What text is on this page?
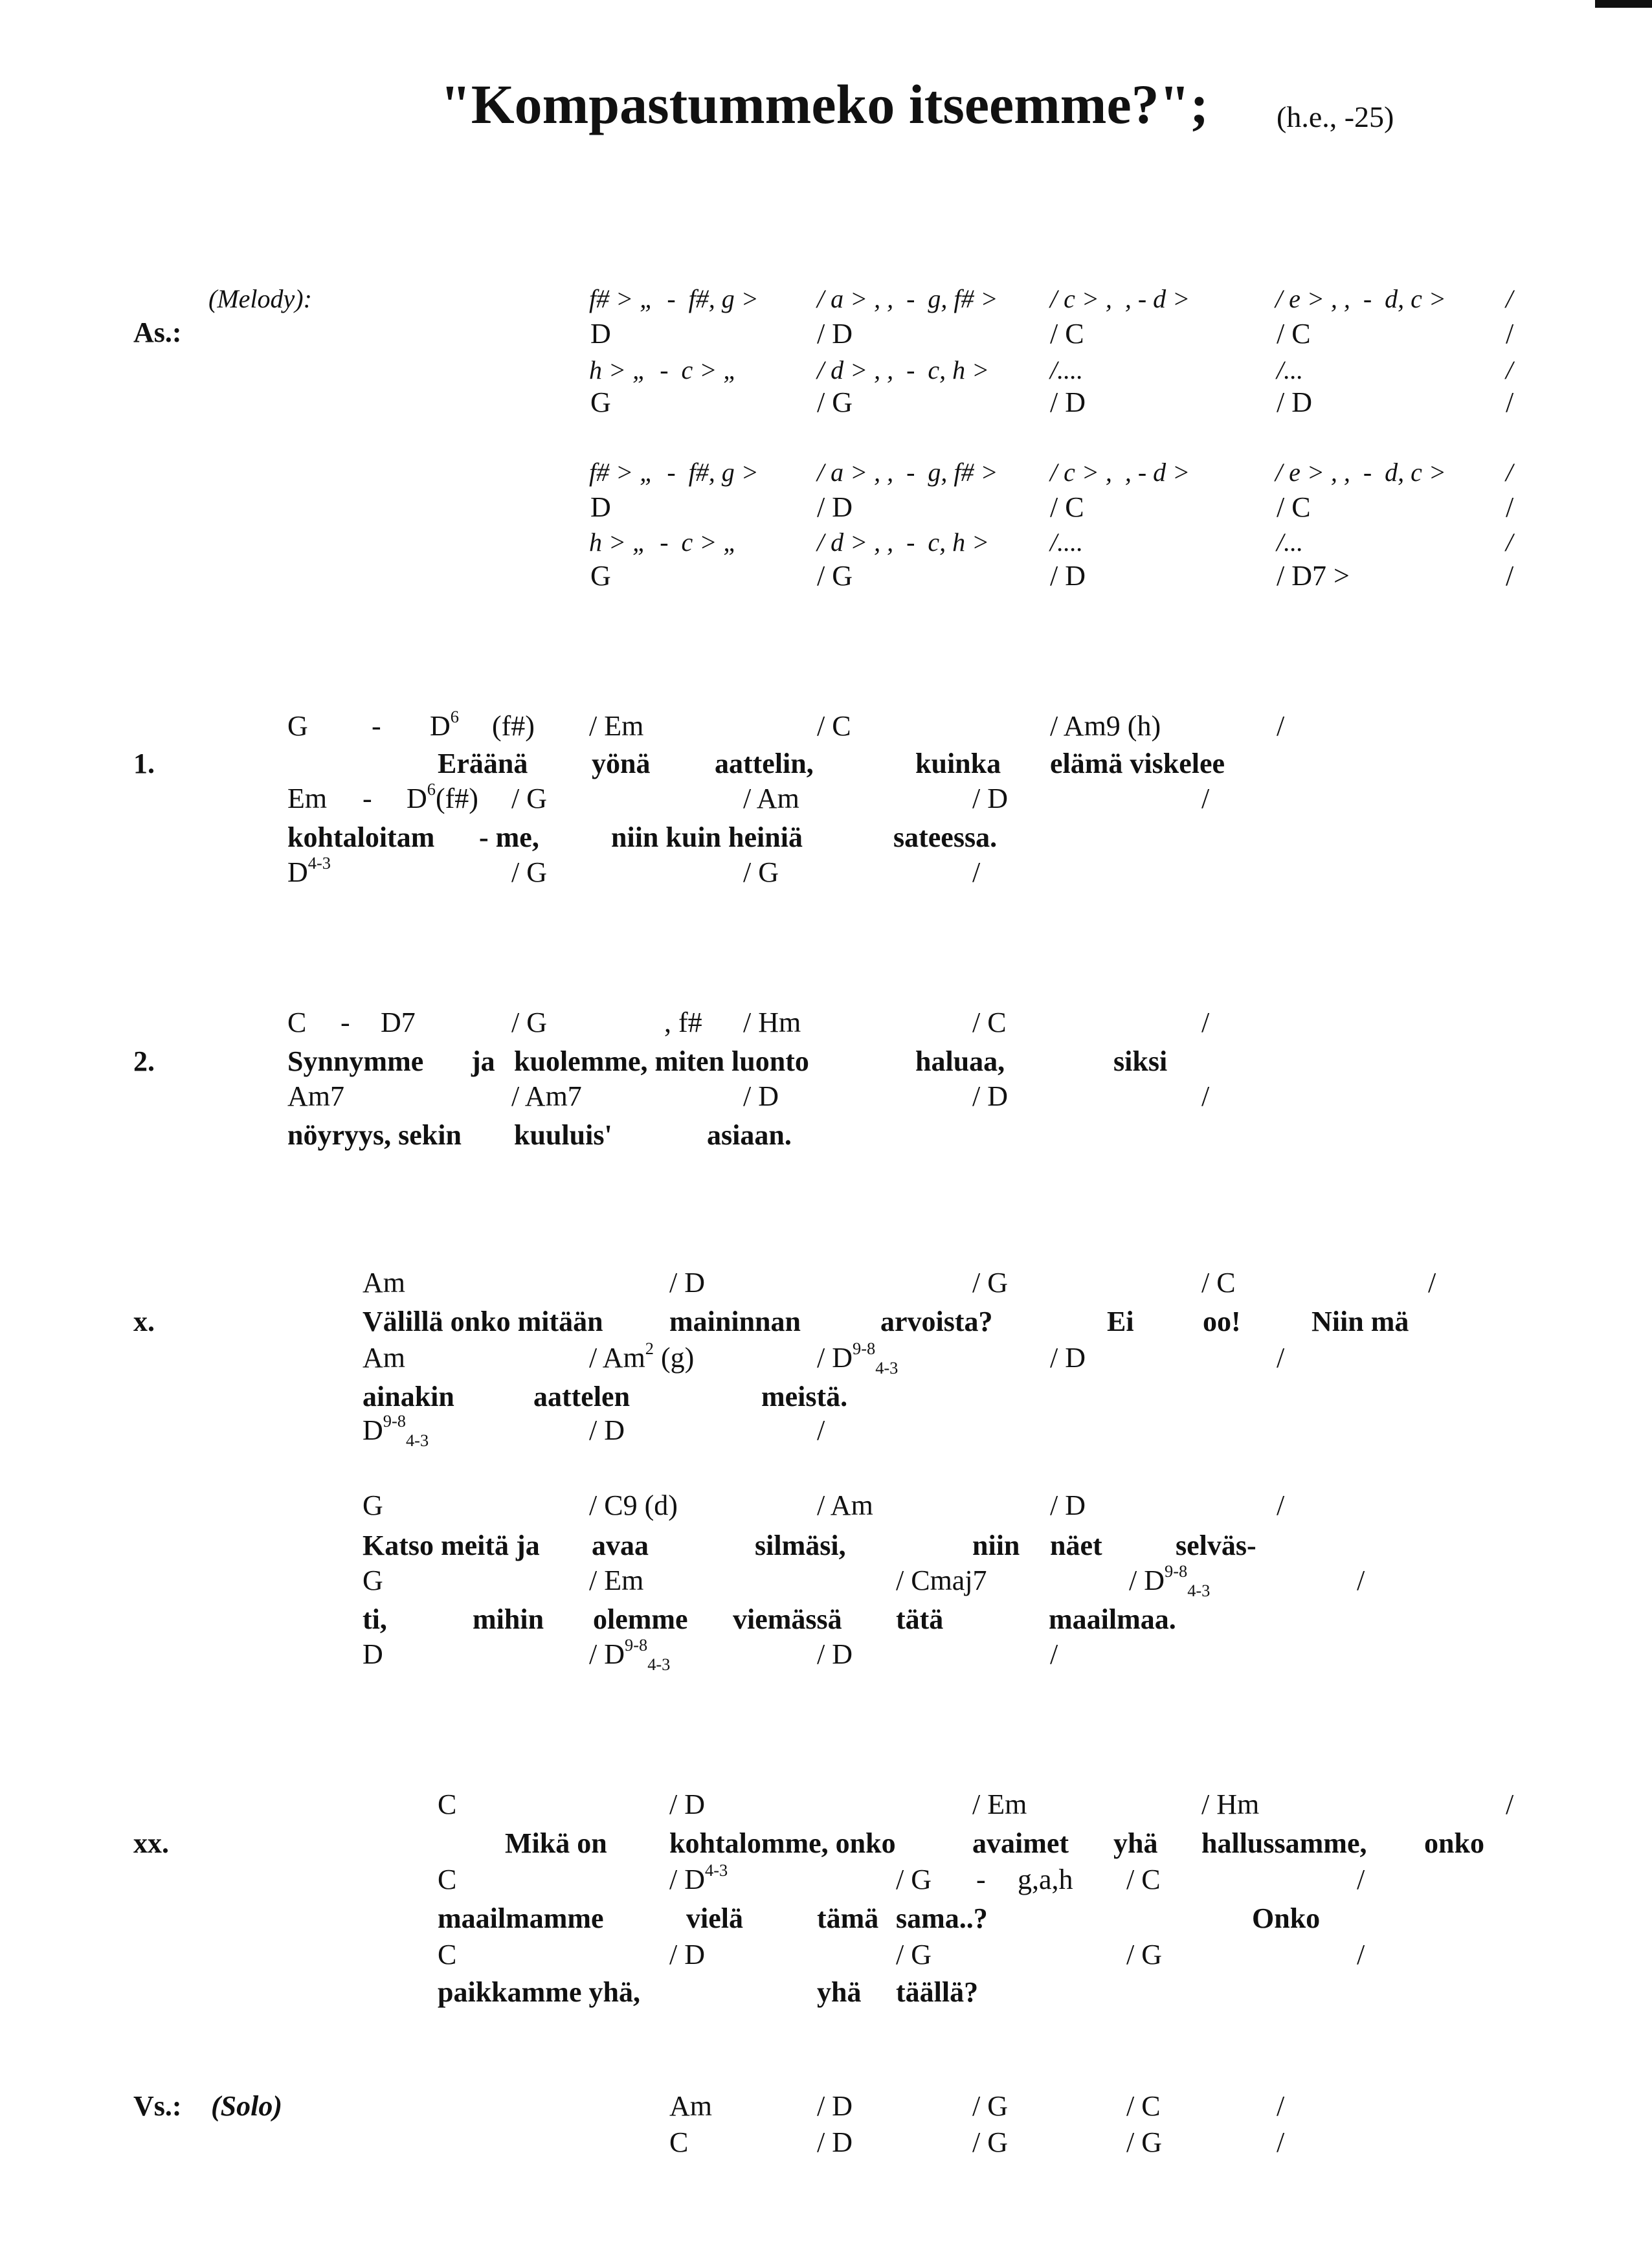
"Kompastummeko itseemme?"; (h.e., -25)
(Melody):
As.:
f# > „  -  f#, g > / a > , ,  -  g, f# > / c > ,  , - d >	/ e > , ,  -  d, c > /
D	/ D	/ C	/ C	/
h > „  -  c > „	/ d > , ,  -  c, h > /....	/...	/
G	/ G	/ D	/ D	/
f# > „  -  f#, g > / a > , ,  -  g, f# > / c > ,  , - d >	/ e > , ,  -  d, c > /
D	/ D	/ C	/ C	/
h > „  -  c > „	/ d > , ,  -  c, h > /....	/...	/
G	/ G	/ D	/ D7 >	/
G - $D^6$ (f#) / Em	/ C	/ Am9 (h)	/
1.	Eräänä yönä aattelin,	kuinka elämä viskelee
Em - $D^6(f\#)$ / G	/ Am	/ D	/
kohtaloitam - me,	niin kuin heiniä	sateessa.
$D^{4-3}$	/ G	/ G	/
C - D7	/ G	, f# / Hm	/ C	/
2.	Synnymme ja kuolemme, miten luonto	haluaa,	siksi
Am7	/ Am7	/ D	/ D	/
nöyryys, sekin kuuluis'	asiaan.
Am	/ D	/ G	/ C	/
x.	Välillä onko mitään maininnan	arvoista?	Ei oo! Niin mä
Am	/ Am$^2$ (g)	/ $D^{9-8}_{4-3}$	/ D	/
ainakin	aattelen	meistä.
$D^{9-8}_{4-3}$	/ D	/
G	/ C9 (d)	/ Am	/ D	/
Katso meitä ja avaa	silmäsi,	niin näet	selväs-
G	/ Em	/ Cmaj7	/ $D^{9-8}_{4-3}$	/
ti,	mihin olemme viemässä tätä	maailmaa.
D	/ $D^{9-8}_{4-3}$	/ D	/
C	/ D	/ Em	/ Hm	/
xx.	Mikä on kohtalomme, onko	avaimet yhä hallussamme, onko
C	/ $D^{4-3}$	/ G - g,a,h / C	/
maailmamme	vielä	tämä sama..?	Onko
C	/ D	/ G	/ G	/
paikkamme yhä,	yhä täällä?
Vs.: (Solo)	Am	/ D	/ G	/ C	/
C	/ D	/ G	/ G	/
